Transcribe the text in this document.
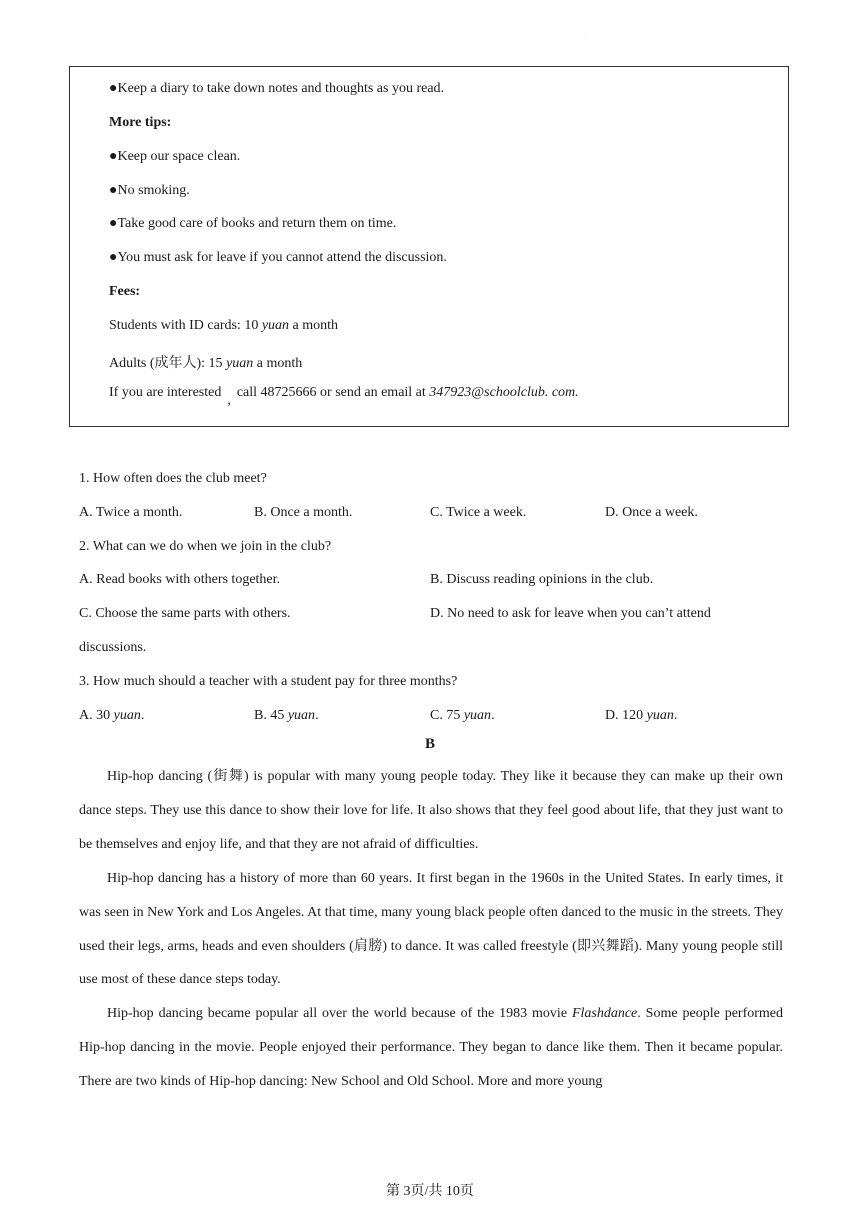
.
●Keep a diary to take down notes and thoughts as you read.
More tips:
●Keep our space clean.
●No smoking.
●Take good care of books and return them on time.
●You must ask for leave if you cannot attend the discussion.
Fees:
Students with ID cards: 10 yuan a month
Adults (成年人): 15 yuan a month
If you are interested,call 48725666 or send an email at 347923@schoolclub. com.
1. How often does the club meet?
A. Twice a month.	B. Once a month.	C. Twice a week.	D. Once a week.
2. What can we do when we join in the club?
A. Read books with others together.	B. Discuss reading opinions in the club.
C. Choose the same parts with others.	D. No need to ask for leave when you can’t attend
discussions.
3. How much should a teacher with a student pay for three months?
A. 30 yuan.	B. 45 yuan.	C. 75 yuan.	D. 120 yuan.
B
Hip-hop dancing (街舞) is popular with many young people today. They like it because they can make up their own dance steps. They use this dance to show their love for life. It also shows that they feel good about life, that they just want to be themselves and enjoy life, and that they are not afraid of difficulties.
Hip-hop dancing has a history of more than 60 years. It first began in the 1960s in the United States. In early times, it was seen in New York and Los Angeles. At that time, many young black people often danced to the music in the streets. They used their legs, arms, heads and even shoulders (肩膀) to dance. It was called freestyle (即兴舞蹈). Many young people still use most of these dance steps today.
Hip-hop dancing became popular all over the world because of the 1983 movie Flashdance. Some people performed Hip-hop dancing in the movie. People enjoyed their performance. They began to dance like them. Then it became popular. There are two kinds of Hip-hop dancing: New School and Old School. More and more young
第 3页/共 10页
